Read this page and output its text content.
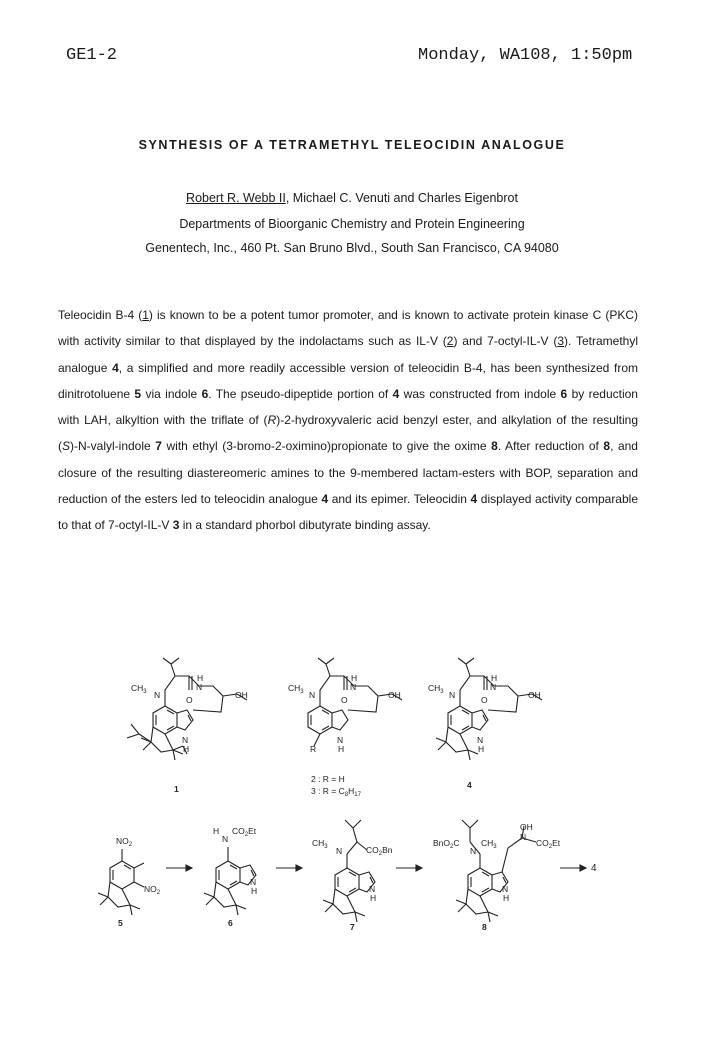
GE1-2	Monday, WA108, 1:50pm
SYNTHESIS OF A TETRAMETHYL TELEOCIDIN ANALOGUE
Robert R. Webb II, Michael C. Venuti and Charles Eigenbrot
Departments of Bioorganic Chemistry and Protein Engineering
Genentech, Inc., 460 Pt. San Bruno Blvd., South San Francisco, CA 94080

Teleocidin B-4 (1) is known to be a potent tumor promoter, and is known to activate protein kinase C (PKC) with activity similar to that displayed by the indolactams such as IL-V (2) and 7-octyl-IL-V (3). Tetramethyl analogue 4, a simplified and more readily accessible version of teleocidin B-4, has been synthesized from dinitrotoluene 5 via indole 6. The pseudo-dipeptide portion of 4 was constructed from indole 6 by reduction with LAH, alkyltion with the triflate of (R)-2-hydroxyvaleric acid benzyl ester, and alkylation of the resulting (S)-N-valyl-indole 7 with ethyl (3-bromo-2-oximino)propionate to give the oxime 8. After reduction of 8, and closure of the resulting diastereomeric amines to the 9-membered lactam-esters with BOP, separation and reduction of the esters led to teleocidin analogue 4 and its epimer. Teleocidin 4 displayed activity comparable to that of 7-octyl-IL-V 3 in a standard phorbol dibutyrate binding assay.

$CH_3$ N
H
N
O	OH
N
H
$CH_3$ N
H
N
O	OH
R
N
H
$CH_3$ N
H
N
O	OH
N
H
1	4
2 : R = H
3 : $R = C_8H_{17}$
$NO_2$
$NO_2$
H
N
$CO_2Et$
N
H
$CH_3$ N	$CO_2Bn$
N
H
BnO$_2$C
N
$CH_3$
OH
N
$CO_2Et$
N
H
4
5	6	7	8
